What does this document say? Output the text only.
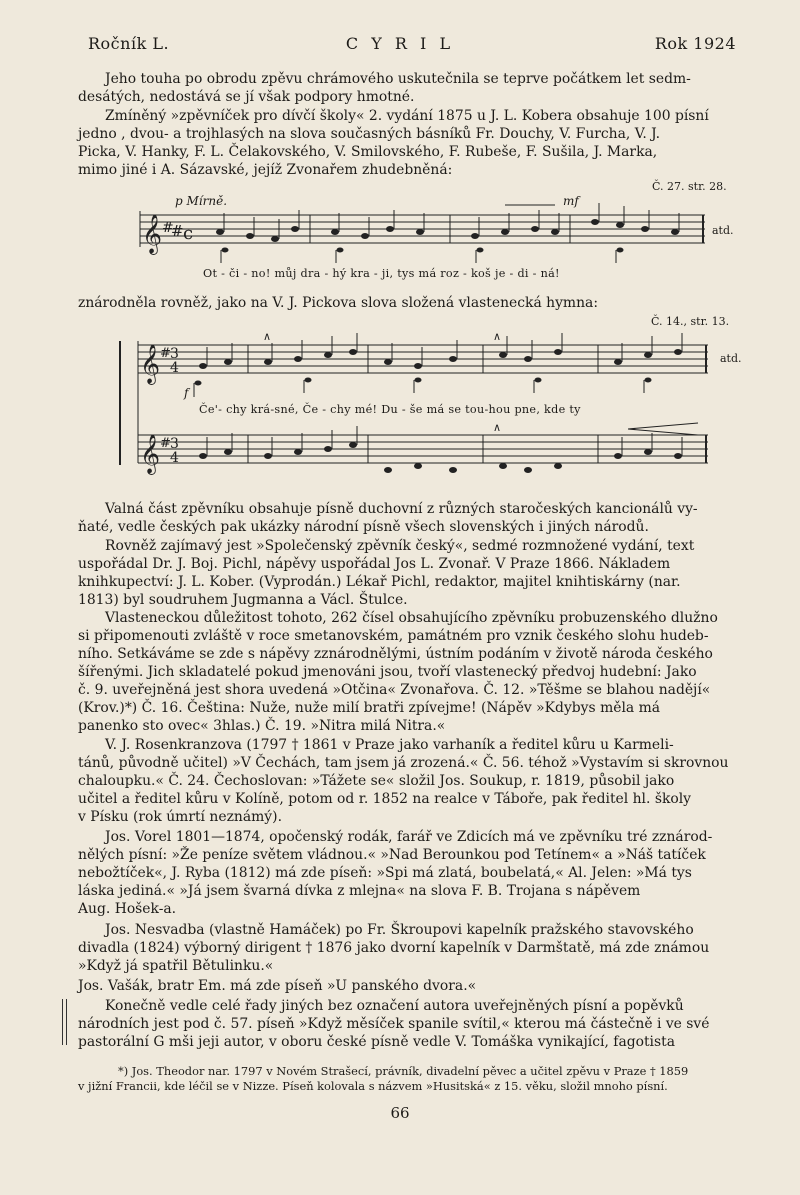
Ročník L.	C Y R I L	Rok 1924
Jeho touha po obrodu zpěvu chrámového uskutečnila se teprve počátkem let sedm-
desátých, nedostává se jí však podpory hmotné.
Zmíněný »zpěvníček pro dívčí školy« 2. vydání 1875 u J. L. Kobera obsahuje 100 písní
jedno , dvou- a trojhlasých na slova současných básníků Fr. Douchy, V. Furcha, V. J.
Picka, V. Hanky, F. L. Čelakovského, V. Smilovského, F. Rubeše, F. Sušila, J. Marka,
mimo jiné i A. Sázavské, jejíž Zvonařem zhudebněná:
Č. 27. str. 28.
p Mírně.	mf
𝄞 #
# c	atd.
Ot - či - no! můj dra - hý kra - ji, tys má roz - koš je - di - ná!
znárodněla rovněž, jako na V. J. Pickova slova složená vlastenecká hymna:
Č. 14., str. 13.
𝄞 # 3
4
𝄞 # 3
4
∧	∧
∧
f
atd.
Če'- chy krá-sné, Če - chy mé! Du - še má se tou-hou pne, kde ty
Valná část zpěvníku obsahuje písně duchovní z různých staročeských kancionálů vy-
ňaté, vedle českých pak ukázky národní písně všech slovenských i jiných národů.
Rovněž zajímavý jest »Společenský zpěvník český«, sedmé rozmnožené vydání, text
uspořádal Dr. J. Boj. Pichl, nápěvy uspořádal Jos L. Zvonař. V Praze 1866. Nákladem
knihkupectví: J. L. Kober. (Vyprodán.) Lékař Pichl, redaktor, majitel knihtiskárny (nar.
1813) byl soudruhem Jugmanna a Václ. Štulce.
Vlasteneckou důležitost tohoto, 262 čísel obsahujícího zpěvníku probuzenského dlužno
si připomenouti zvláště v roce smetanovském, památném pro vznik českého slohu hudeb-
ního. Setkáváme se zde s nápěvy zznárodnělými, ústním podáním v životě národa českého
šířenými. Jich skladatelé pokud jmenováni jsou, tvoří vlastenecký předvoj hudební: Jako
č. 9. uveřejněná jest shora uvedená »Otčina« Zvonařova. Č. 12. »Těšme se blahou nadějí«
(Krov.)*) Č. 16. Čeština: Nuže, nuže milí bratři zpívejme! (Nápěv »Kdybys měla má
panenko sto ovec« 3hlas.) Č. 19. »Nitra milá Nitra.«
V. J. Rosenkranzova (1797 † 1861 v Praze jako varhaník a ředitel kůru u Karmeli-
tánů, původně učitel) »V Čechách, tam jsem já zrozená.« Č. 56. téhož »Vystavím si skrovnou
chaloupku.« Č. 24. Čechoslovan: »Tážete se« složil Jos. Soukup, r. 1819, působil jako
učitel a ředitel kůru v Kolíně, potom od r. 1852 na realce v Táboře, pak ředitel hl. školy
v Písku (rok úmrtí neznámý).
Jos. Vorel 1801—1874, opočenský rodák, farář ve Zdicích má ve zpěvníku tré zznárod-
nělých písní: »Že peníze světem vládnou.« »Nad Berounkou pod Tetínem« a »Náš tatíček
nebožtíček«, J. Ryba (1812) má zde píseň: »Spi má zlatá, boubelatá,« Al. Jelen: »Má tys
láska jediná.« »Já jsem švarná dívka z mlejna« na slova F. B. Trojana s nápěvem
Aug. Hošek-a.
Jos. Nesvadba (vlastně Hamáček) po Fr. Škroupovi kapelník pražského stavovského
divadla (1824) výborný dirigent † 1876 jako dvorní kapelník v Darmštatě, má zde známou
»Když já spatřil Bětulinku.«
Jos. Vašák, bratr Em. má zde píseň »U panského dvora.«
Konečně vedle celé řady jiných bez označení autora uveřejněných písní a popěvků
národních jest pod č. 57. píseň »Když měsíček spanile svítil,« kterou má částečně i ve své
pastorální G mši jeji autor, v oboru české písně vedle V. Tomáška vynikající, fagotista
*) Jos. Theodor nar. 1797 v Novém Strašecí, právník, divadelní pěvec a učitel zpěvu v Praze † 1859
v jižní Francii, kde léčil se v Nizze. Píseň kolovala s názvem »Husitská« z 15. věku, složil mnoho písní.
66
